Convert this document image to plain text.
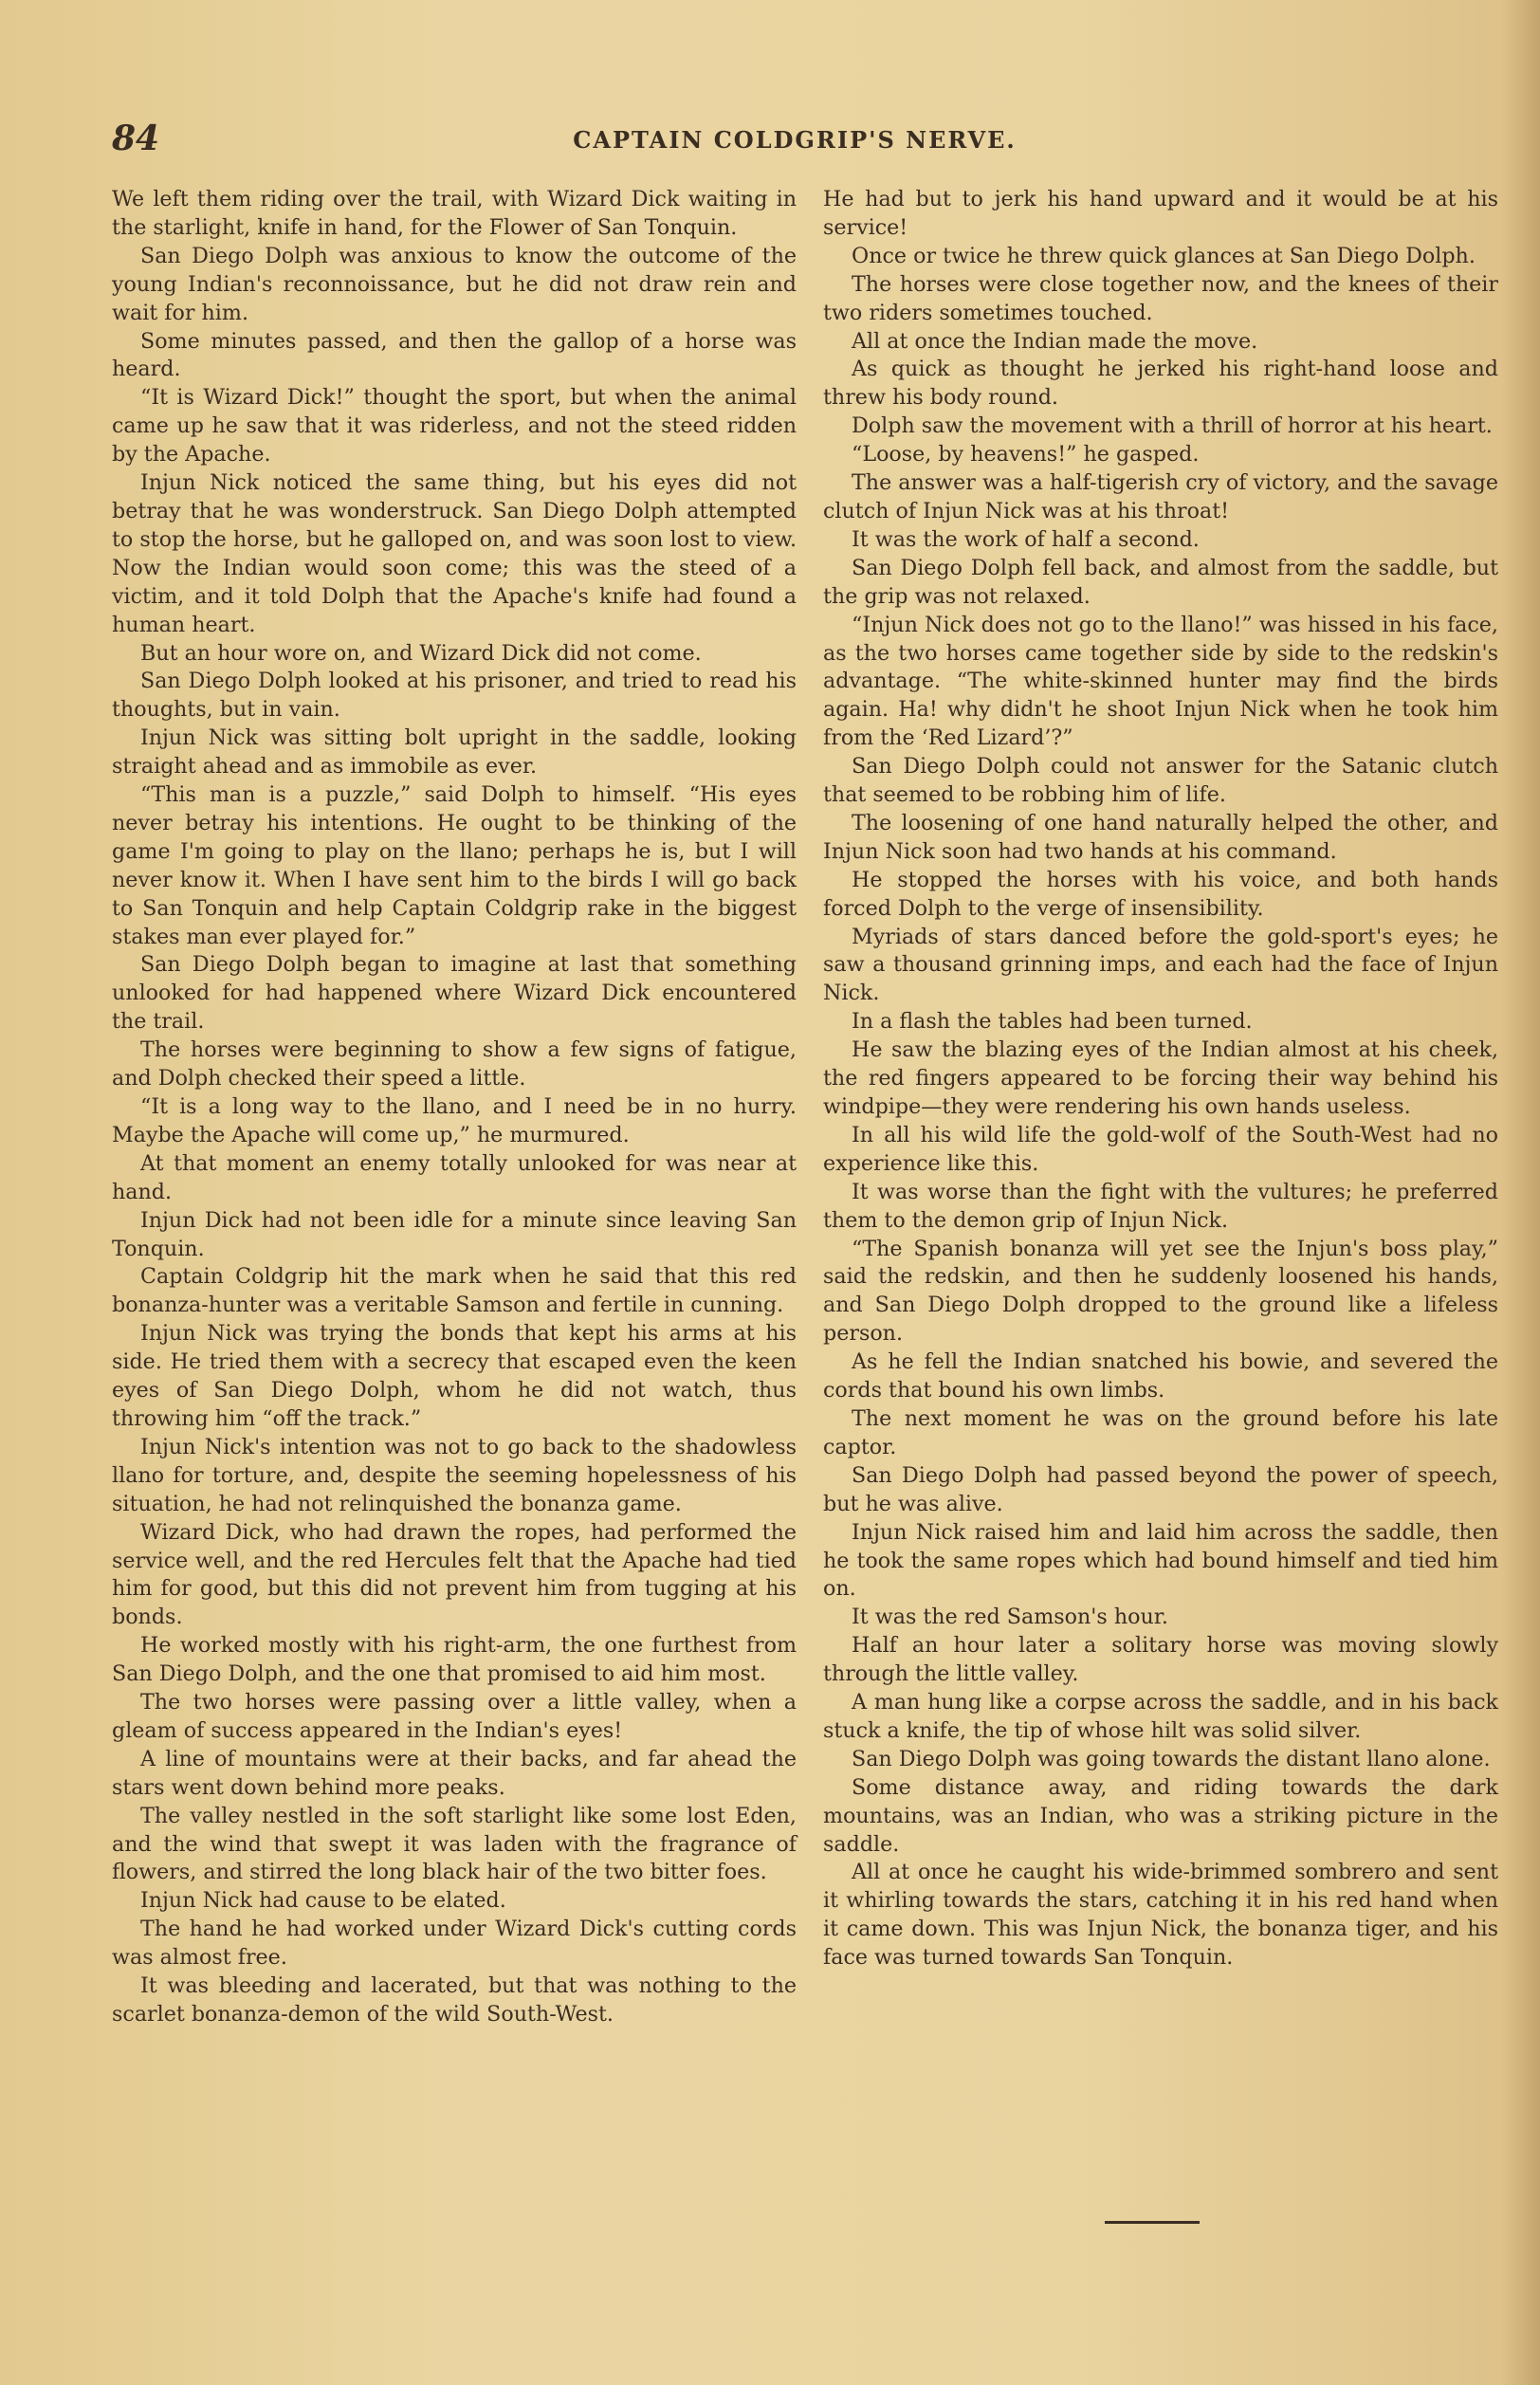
84	CAPTAIN COLDGRIP'S NERVE.

We left them riding over the trail, with Wizard Dick waiting in the starlight, knife in hand, for the Flower of San Tonquin.

San Diego Dolph was anxious to know the outcome of the young Indian's reconnoissance, but he did not draw rein and wait for him.

Some minutes passed, and then the gallop of a horse was heard.

“It is Wizard Dick!” thought the sport, but when the animal came up he saw that it was riderless, and not the steed ridden by the Apache.

Injun Nick noticed the same thing, but his eyes did not betray that he was wonderstruck. San Diego Dolph attempted to stop the horse, but he galloped on, and was soon lost to view. Now the Indian would soon come; this was the steed of a victim, and it told Dolph that the Apache's knife had found a human heart.

But an hour wore on, and Wizard Dick did not come.

San Diego Dolph looked at his prisoner, and tried to read his thoughts, but in vain.

Injun Nick was sitting bolt upright in the saddle, looking straight ahead and as immobile as ever.

“This man is a puzzle,” said Dolph to himself. “His eyes never betray his intentions. He ought to be thinking of the game I'm going to play on the llano; perhaps he is, but I will never know it. When I have sent him to the birds I will go back to San Tonquin and help Captain Coldgrip rake in the biggest stakes man ever played for.”

San Diego Dolph began to imagine at last that something unlooked for had happened where Wizard Dick encountered the trail.

The horses were beginning to show a few signs of fatigue, and Dolph checked their speed a little.

“It is a long way to the llano, and I need be in no hurry. Maybe the Apache will come up,” he murmured.

At that moment an enemy totally unlooked for was near at hand.

Injun Dick had not been idle for a minute since leaving San Tonquin.

Captain Coldgrip hit the mark when he said that this red bonanza-hunter was a veritable Samson and fertile in cunning.

Injun Nick was trying the bonds that kept his arms at his side. He tried them with a secrecy that escaped even the keen eyes of San Diego Dolph, whom he did not watch, thus throwing him “off the track.”

Injun Nick's intention was not to go back to the shadowless llano for torture, and, despite the seeming hopelessness of his situation, he had not relinquished the bonanza game.

Wizard Dick, who had drawn the ropes, had performed the service well, and the red Hercules felt that the Apache had tied him for good, but this did not prevent him from tugging at his bonds.

He worked mostly with his right-arm, the one furthest from San Diego Dolph, and the one that promised to aid him most.

The two horses were passing over a little valley, when a gleam of success appeared in the Indian's eyes!

A line of mountains were at their backs, and far ahead the stars went down behind more peaks.

The valley nestled in the soft starlight like some lost Eden, and the wind that swept it was laden with the fragrance of flowers, and stirred the long black hair of the two bitter foes.

Injun Nick had cause to be elated.

The hand he had worked under Wizard Dick's cutting cords was almost free.

It was bleeding and lacerated, but that was nothing to the scarlet bonanza-demon of the wild South-West.

He had but to jerk his hand upward and it would be at his service!

Once or twice he threw quick glances at San Diego Dolph.

The horses were close together now, and the knees of their two riders sometimes touched.

All at once the Indian made the move.

As quick as thought he jerked his right-hand loose and threw his body round.

Dolph saw the movement with a thrill of horror at his heart.

“Loose, by heavens!” he gasped.

The answer was a half-tigerish cry of victory, and the savage clutch of Injun Nick was at his throat!

It was the work of half a second.

San Diego Dolph fell back, and almost from the saddle, but the grip was not relaxed.

“Injun Nick does not go to the llano!” was hissed in his face, as the two horses came together side by side to the redskin's advantage. “The white-skinned hunter may find the birds again. Ha! why didn't he shoot Injun Nick when he took him from the ‘Red Lizard’?”

San Diego Dolph could not answer for the Satanic clutch that seemed to be robbing him of life.

The loosening of one hand naturally helped the other, and Injun Nick soon had two hands at his command.

He stopped the horses with his voice, and both hands forced Dolph to the verge of insensibility.

Myriads of stars danced before the gold-sport's eyes; he saw a thousand grinning imps, and each had the face of Injun Nick.

In a flash the tables had been turned.

He saw the blazing eyes of the Indian almost at his cheek, the red fingers appeared to be forcing their way behind his windpipe—they were rendering his own hands useless.

In all his wild life the gold-wolf of the South-West had no experience like this.

It was worse than the fight with the vultures; he preferred them to the demon grip of Injun Nick.

“The Spanish bonanza will yet see the Injun's boss play,” said the redskin, and then he suddenly loosened his hands, and San Diego Dolph dropped to the ground like a lifeless person.

As he fell the Indian snatched his bowie, and severed the cords that bound his own limbs.

The next moment he was on the ground before his late captor.

San Diego Dolph had passed beyond the power of speech, but he was alive.

Injun Nick raised him and laid him across the saddle, then he took the same ropes which had bound himself and tied him on.

It was the red Samson's hour.

Half an hour later a solitary horse was moving slowly through the little valley.

A man hung like a corpse across the saddle, and in his back stuck a knife, the tip of whose hilt was solid silver.

San Diego Dolph was going towards the distant llano alone.

Some distance away, and riding towards the dark mountains, was an Indian, who was a striking picture in the saddle.

All at once he caught his wide-brimmed sombrero and sent it whirling towards the stars, catching it in his red hand when it came down. This was Injun Nick, the bonanza tiger, and his face was turned towards San Tonquin.
